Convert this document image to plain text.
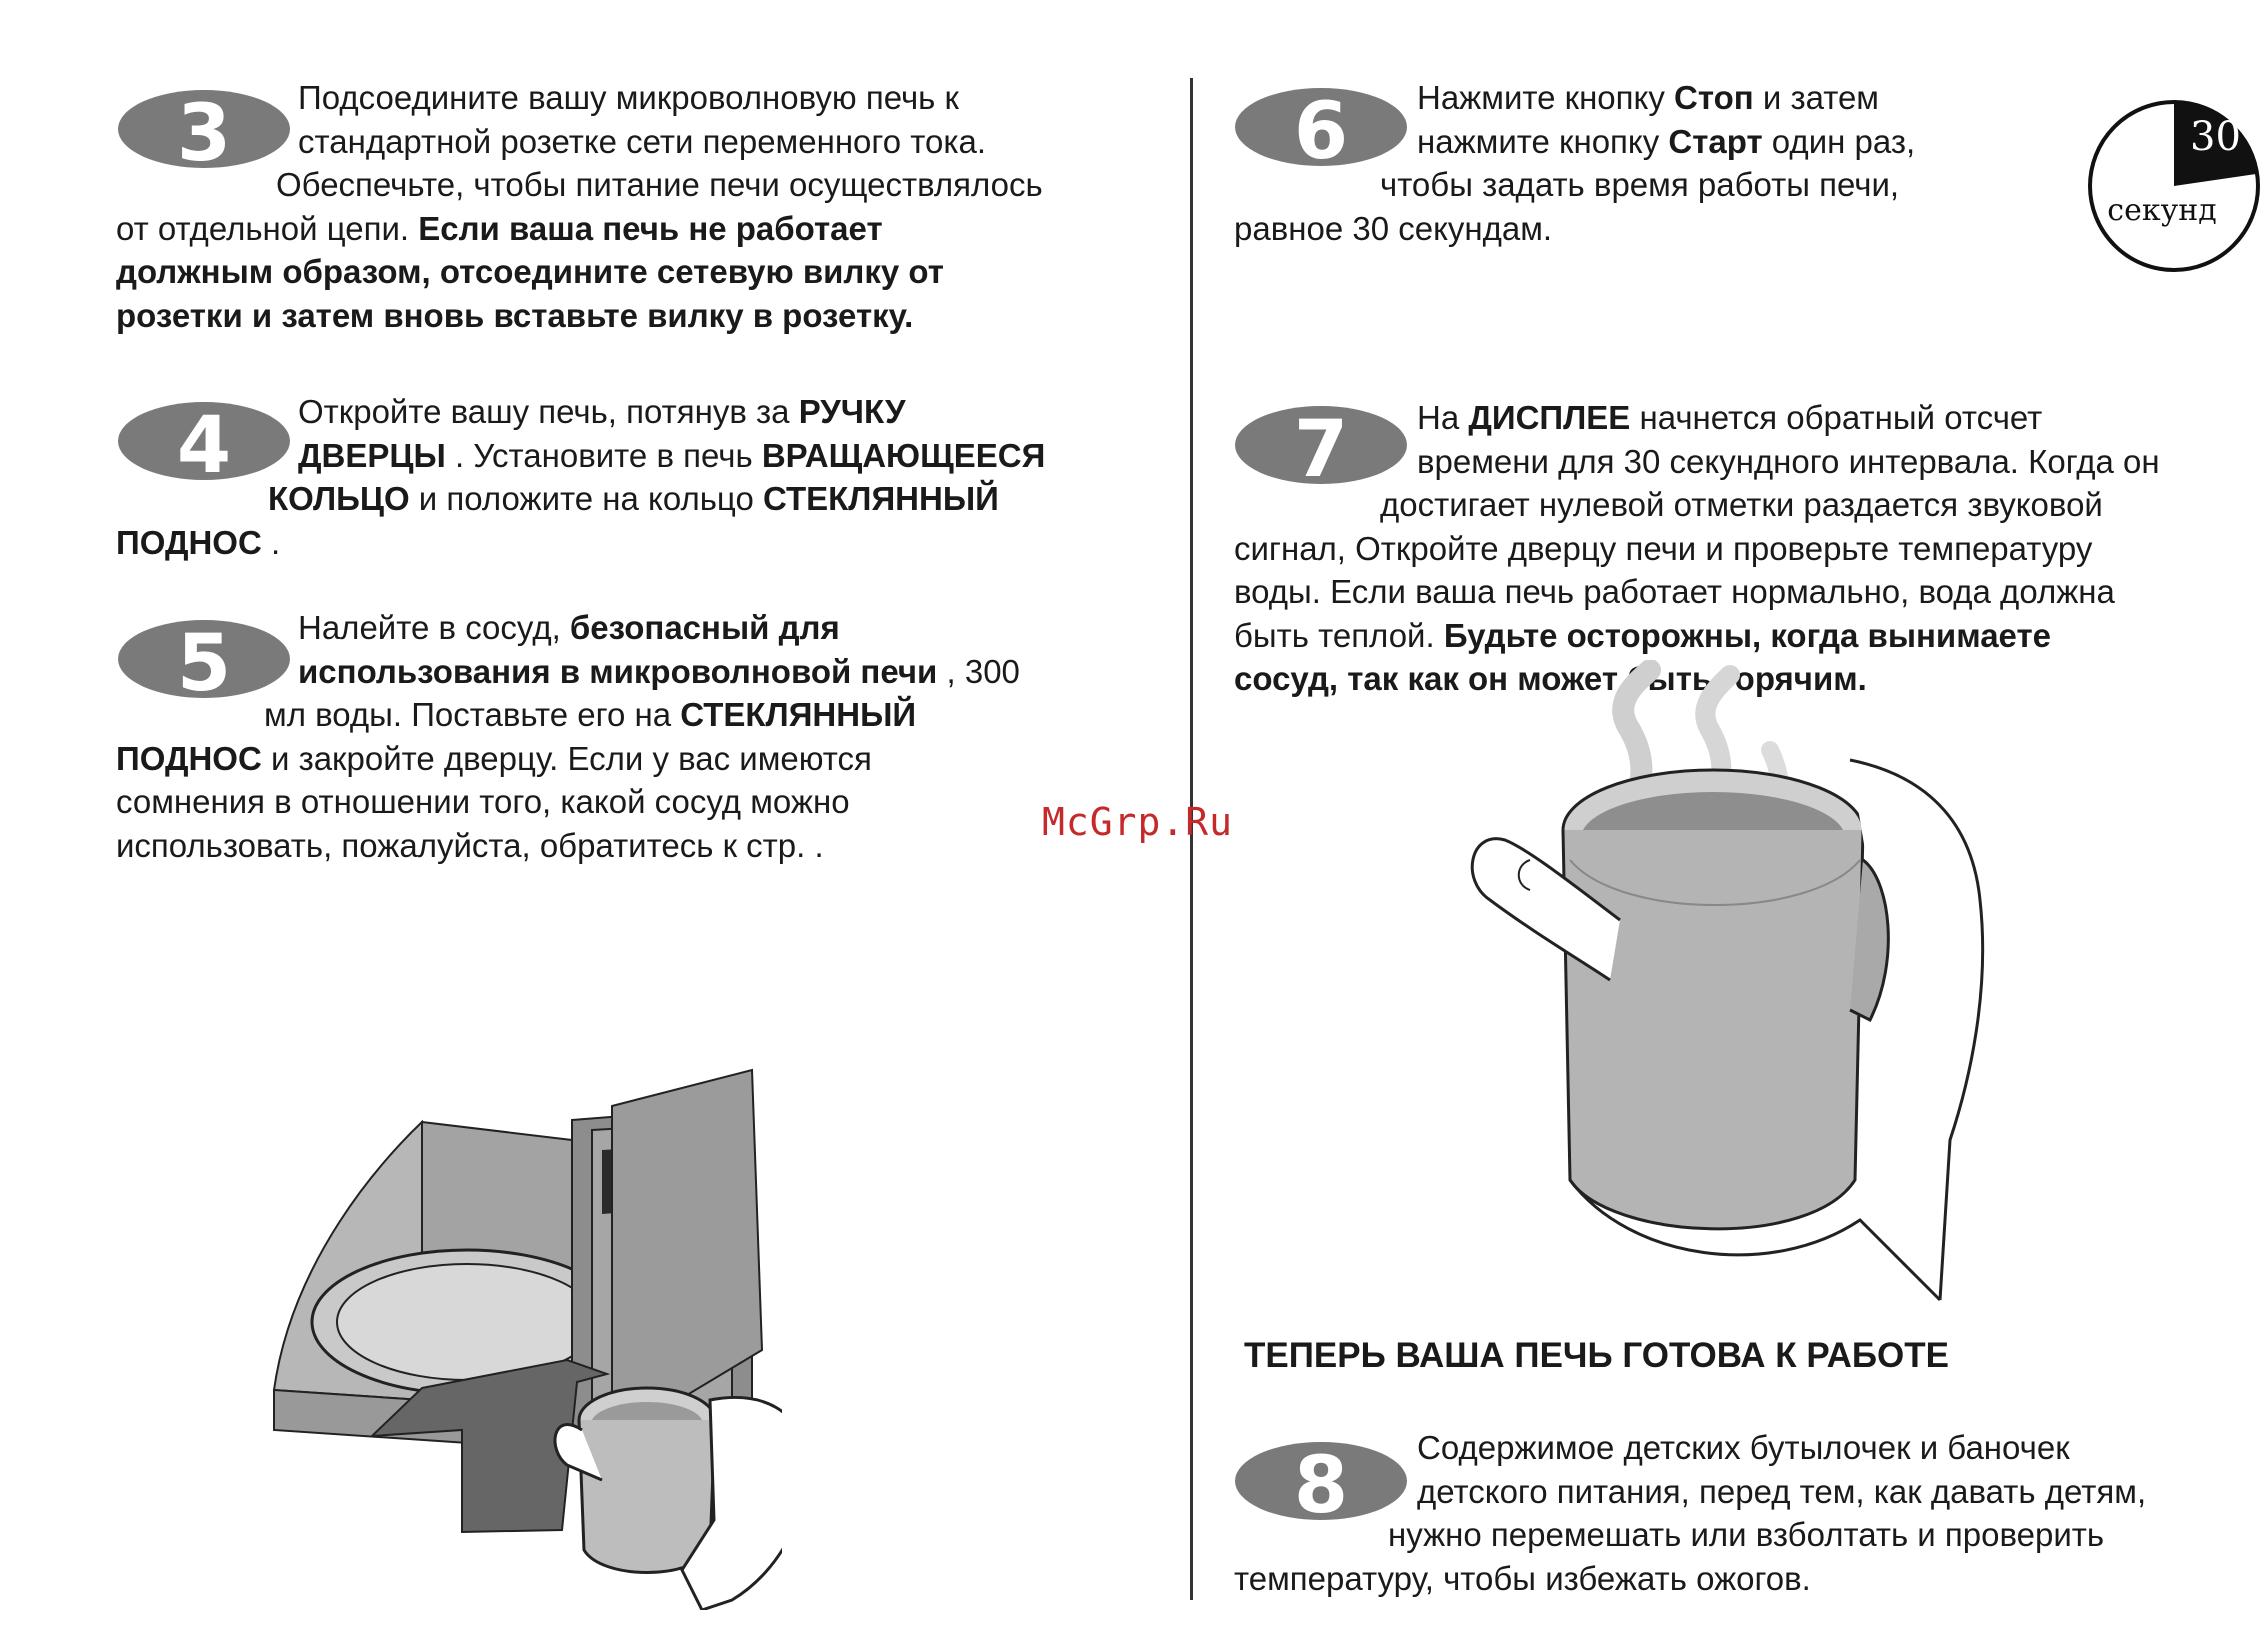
3
4
5
6
7
8
Подсоедините вашу микроволновую печь к
стандартной розетке сети переменного тока.
Обеспечьте, чтобы питание печи осуществлялось
от отдельной цепи. Если ваша печь не работает
должным образом, отсоедините сетевую вилку от
розетки и затем вновь вставьте вилку в розетку.
Откройте вашу печь, потянув за РУЧКУ
ДВЕРЦЫ . Установите в печь ВРАЩАЮЩЕЕСЯ
КОЛЬЦО и положите на кольцо СТЕКЛЯННЫЙ
ПОДНОС .
Налейте в сосуд, безопасный для
использования в микроволновой печи , 300
мл воды. Поставьте его на СТЕКЛЯННЫЙ
ПОДНОС и закройте дверцу. Если у вас имеются
сомнения в отношении того, какой сосуд можно
использовать, пожалуйста, обратитесь к стр. .
Нажмите кнопку Стоп и затем
нажмите кнопку Старт один раз,
чтобы задать время работы печи,
равное 30 секундам.
На ДИСПЛЕЕ начнется обратный отсчет
времени для 30 секундного интервала. Когда он
достигает нулевой отметки раздается звуковой
сигнал, Откройте дверцу печи и проверьте температуру
воды. Если ваша печь работает нормально, вода должна
быть теплой. Будьте осторожны, когда вынимаете
сосуд, так как он может быть горячим.
Содержимое детских бутылочек и баночек
детского питания, перед тем, как давать детям,
нужно перемешать или взболтать и проверить
температуру, чтобы избежать ожогов.
30
секунд
McGrp.Ru
ТЕПЕРЬ ВАША ПЕЧЬ ГОТОВА К РАБОТЕ
